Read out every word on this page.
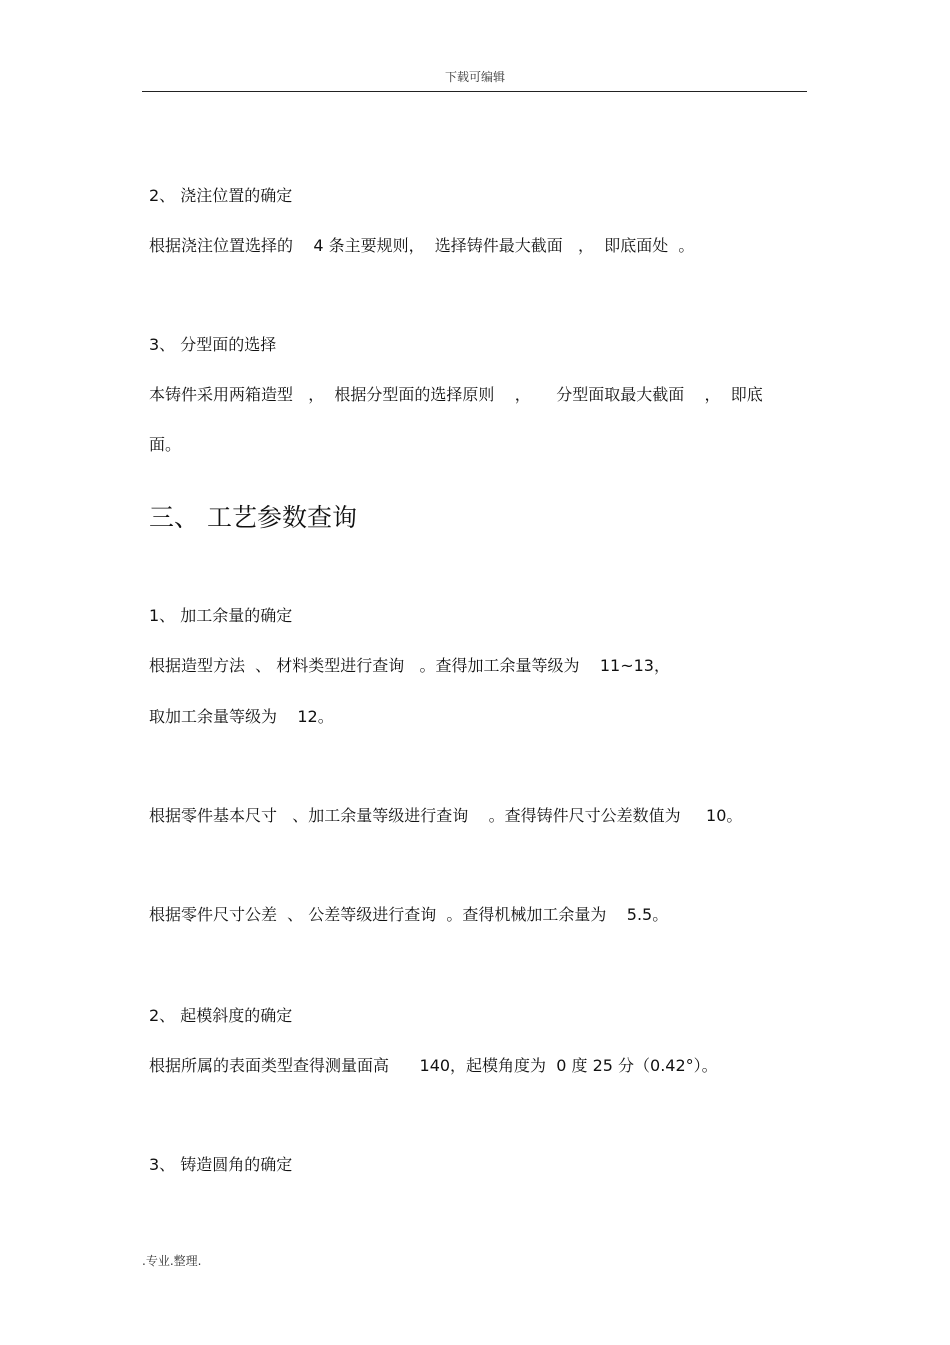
下载可编辑
2、 浇注位置的确定
根据浇注位置选择的    4 条主要规则，  选择铸件最大截面   ，  即底面处  。
3、 分型面的选择
本铸件采用两箱造型   ，  根据分型面的选择原则    ，     分型面取最大截面    ，  即底
面。
三、 工艺参数查询
1、 加工余量的确定
根据造型方法  、 材料类型进行查询   。查得加工余量等级为    11~13，
取加工余量等级为    12。
根据零件基本尺寸   、加工余量等级进行查询    。查得铸件尺寸公差数值为     10。
根据零件尺寸公差  、 公差等级进行查询  。查得机械加工余量为    5.5。
2、 起模斜度的确定
根据所属的表面类型查得测量面高      140，起模角度为  0 度 25 分（0.42°）。
3、 铸造圆角的确定
.专业.整理.
